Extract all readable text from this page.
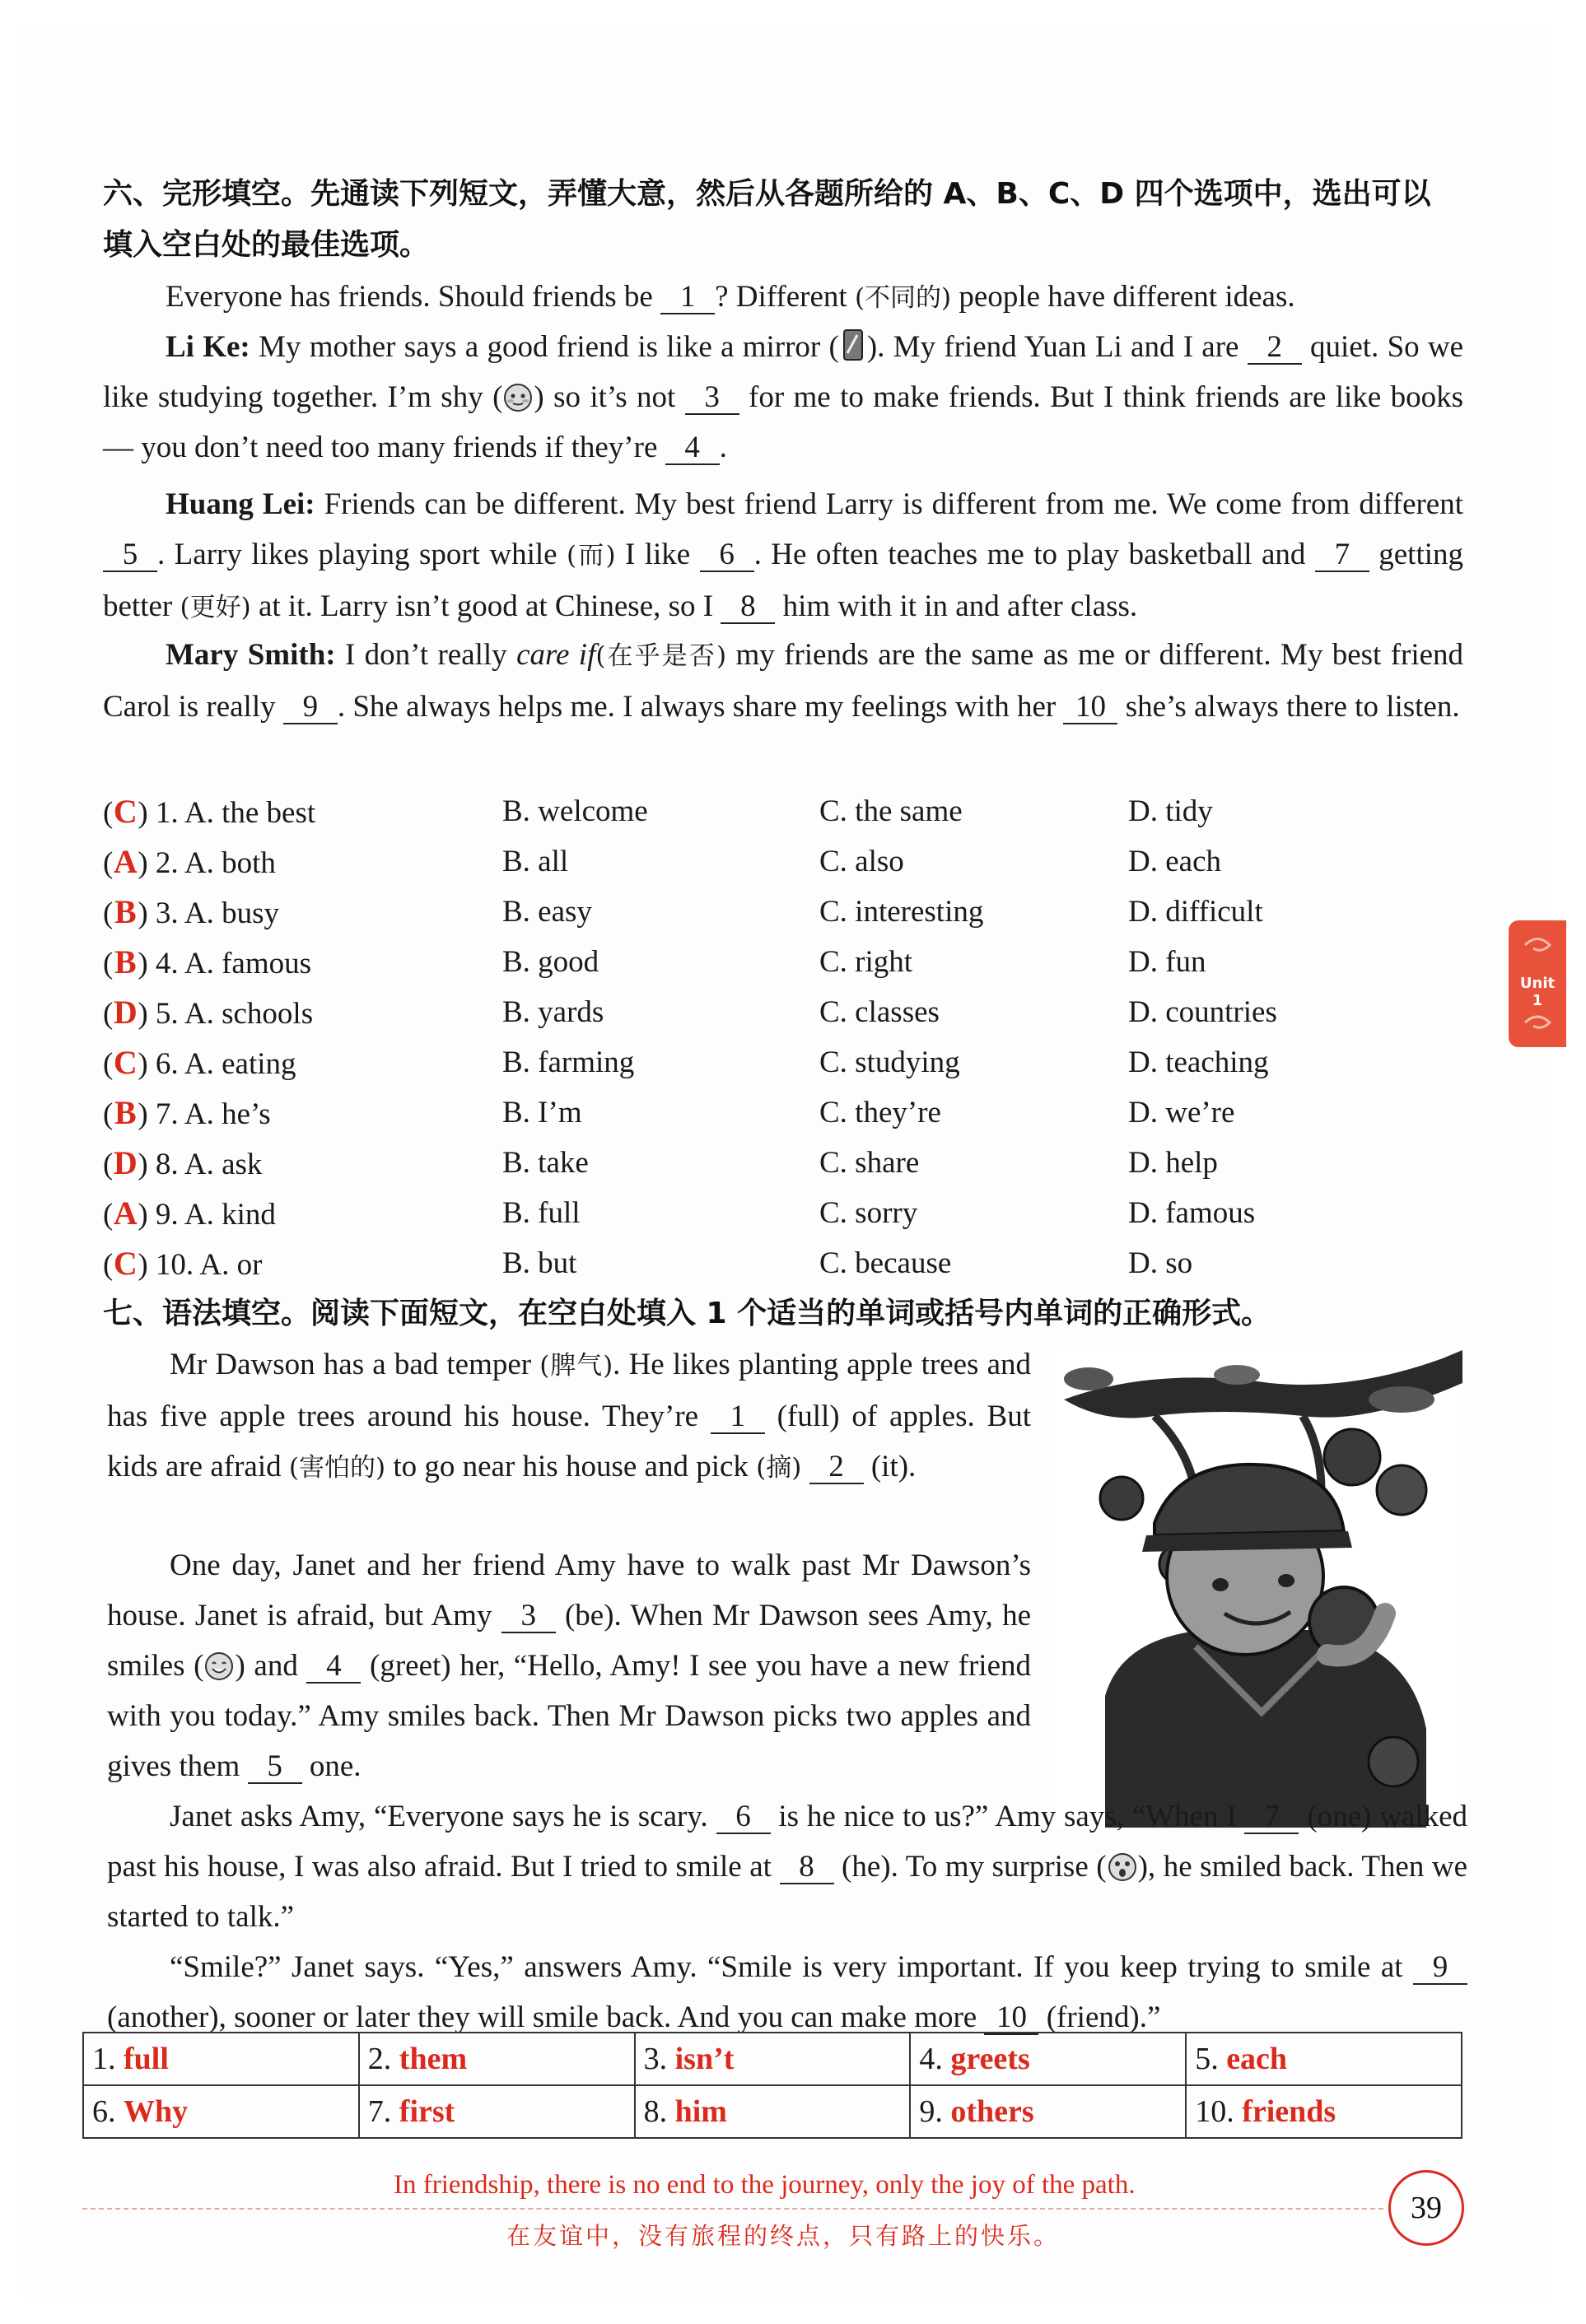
六、完形填空。先通读下列短文，弄懂大意，然后从各题所给的 A、B、C、D 四个选项中，选出可以
填入空白处的最佳选项。
Everyone has friends. Should friends be 1 ? Different (不同的) people have different ideas.
Li Ke: My mother says a good friend is like a mirror ( ). My friend Yuan Li and I are 2 quiet. So we like studying together. I’m shy ( ) so it’s not 3 for me to make friends. But I think friends are like books — you don’t need too many friends if they’re 4 .
Huang Lei: Friends can be different. My best friend Larry is different from me. We come from different 5 . Larry likes playing sport while (而) I like 6 . He often teaches me to play basketball and 7 getting better (更好) at it. Larry isn’t good at Chinese, so I 8 him with it in and after class.
Mary Smith: I don’t really care if(在乎是否) my friends are the same as me or different. My best friend Carol is really 9 . She always helps me. I always share my feelings with her 10 she’s always there to listen.
(C) 1. A. the best	B. welcome	C. the same	D. tidy
(A) 2. A. both	B. all	C. also	D. each
(B) 3. A. busy	B. easy	C. interesting	D. difficult
(B) 4. A. famous	B. good	C. right	D. fun
(D) 5. A. schools	B. yards	C. classes	D. countries
(C) 6. A. eating	B. farming	C. studying	D. teaching
(B) 7. A. he’s	B. I’m	C. they’re	D. we’re
(D) 8. A. ask	B. take	C. share	D. help
(A) 9. A. kind	B. full	C. sorry	D. famous
(C) 10. A. or	B. but	C. because	D. so
七、语法填空。阅读下面短文，在空白处填入 1 个适当的单词或括号内单词的正确形式。
Mr Dawson has a bad temper (脾气). He likes planting apple trees and has five apple trees around his house. They’re 1 (full) of apples. But kids are afraid (害怕的) to go near his house and pick (摘) 2 (it).
One day, Janet and her friend Amy have to walk past Mr Dawson’s house. Janet is afraid, but Amy 3 (be). When Mr Dawson sees Amy, he smiles ( ) and 4 (greet) her, “Hello, Amy! I see you have a new friend with you today.” Amy smiles back. Then Mr Dawson picks two apples and gives them 5 one.
Janet asks Amy, “Everyone says he is scary. 6 is he nice to us?” Amy says, “When I 7 (one) walked past his house, I was also afraid. But I tried to smile at 8 (he). To my surprise ( ), he smiled back. Then we started to talk.”
“Smile?” Janet says. “Yes,” answers Amy. “Smile is very important. If you keep trying to smile at 9 (another), sooner or later they will smile back. And you can make more 10 (friend).”
1. full	2. them	3. isn’t	4. greets	5. each
6. Why	7. first	8. him	9. others	10. friends
Unit 1
In friendship, there is no end to the journey, only the joy of the path.
在友谊中，没有旅程的终点，只有路上的快乐。
39
